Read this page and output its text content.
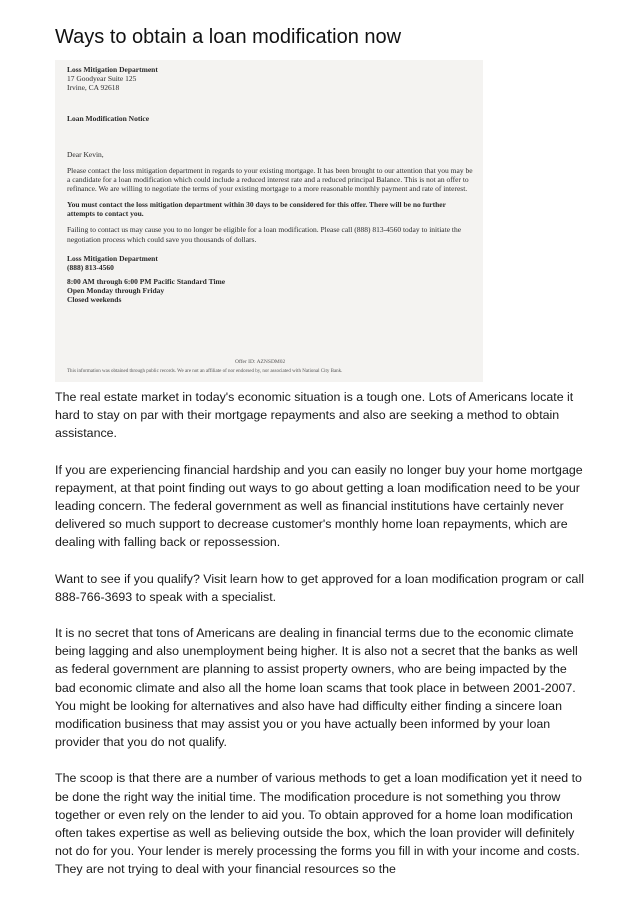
Ways to obtain a loan modification now
Loss Mitigation Department
17 Goodyear Suite 125
Irvine, CA 92618
Loan Modification Notice
Dear Kevin,
Please contact the loss mitigation department in regards to your existing mortgage. It has been brought to our attention that you may be a candidate for a loan modification which could include a reduced interest rate and a reduced principal Balance. This is not an offer to refinance. We are willing to negotiate the terms of your existing mortgage to a more reasonable monthly payment and rate of interest.
You must contact the loss mitigation department within 30 days to be considered for this offer. There will be no further attempts to contact you.
Failing to contact us may cause you to no longer be eligible for a loan modification. Please call (888) 813-4560 today to initiate the negotiation process which could save you thousands of dollars.
Loss Mitigation Department
(888) 813-4560
8:00 AM through 6:00 PM Pacific Standard Time
Open Monday through Friday
Closed weekends
Offer ID: AZNSDM02
This information was obtained through public records. We are not an affiliate of nor endorsed by, nor associated with National City Bank.

The real estate market in today's economic situation is a tough one. Lots of Americans locate it hard to stay on par with their mortgage repayments and also are seeking a method to obtain assistance.

If you are experiencing financial hardship and you can easily no longer buy your home mortgage repayment, at that point finding out ways to go about getting a loan modification need to be your leading concern. The federal government as well as financial institutions have certainly never delivered so much support to decrease customer's monthly home loan repayments, which are dealing with falling back or repossession.

Want to see if you qualify? Visit learn how to get approved for a loan modification program or call 888-766-3693 to speak with a specialist.

It is no secret that tons of Americans are dealing in financial terms due to the economic climate being lagging and also unemployment being higher. It is also not a secret that the banks as well as federal government are planning to assist property owners, who are being impacted by the bad economic climate and also all the home loan scams that took place in between 2001-2007. You might be looking for alternatives and also have had difficulty either finding a sincere loan modification business that may assist you or you have actually been informed by your loan provider that you do not qualify.

The scoop is that there are a number of various methods to get a loan modification yet it need to be done the right way the initial time. The modification procedure is not something you throw together or even rely on the lender to aid you. To obtain approved for a home loan modification often takes expertise as well as believing outside the box, which the loan provider will definitely not do for you. Your lender is merely processing the forms you fill in with your income and costs. They are not trying to deal with your financial resources so the
